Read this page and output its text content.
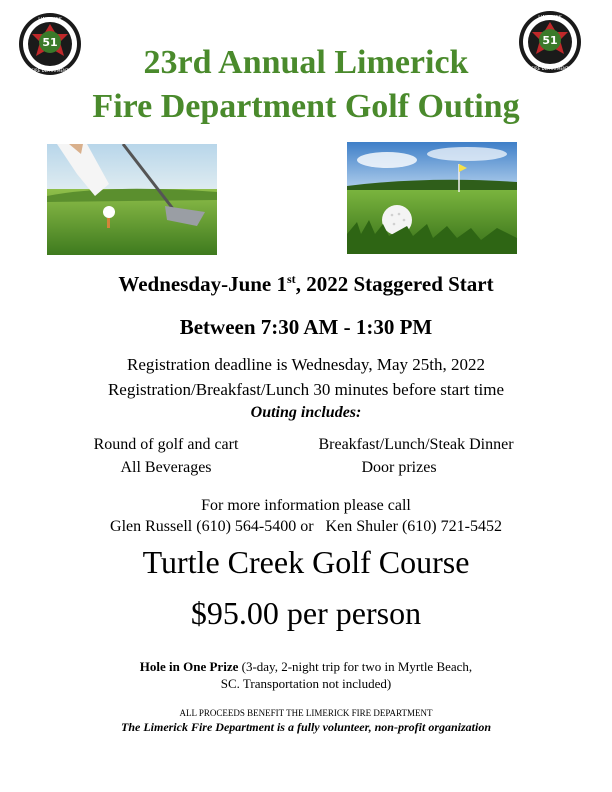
51
LIMERICK
FIRE DEPARTMENT
51
LIMERICK
FIRE DEPARTMENT
23rd Annual Limerick
Fire Department Golf Outing
Wednesday-June 1st, 2022 Staggered Start
Between 7:30 AM - 1:30 PM
Registration deadline is Wednesday, May 25th, 2022
Registration/Breakfast/Lunch 30 minutes before start time
Outing includes:
Round of golf and cart	Breakfast/Lunch/Steak Dinner
All Beverages	Door prizes
For more information please call
Glen Russell (610) 564-5400 or   Ken Shuler (610) 721-5452
Turtle Creek Golf Course
$95.00 per person
Hole in One Prize (3-day, 2-night trip for two in Myrtle Beach,
SC. Transportation not included)
ALL PROCEEDS BENEFIT THE LIMERICK FIRE DEPARTMENT
The Limerick Fire Department is a fully volunteer, non-profit organization
